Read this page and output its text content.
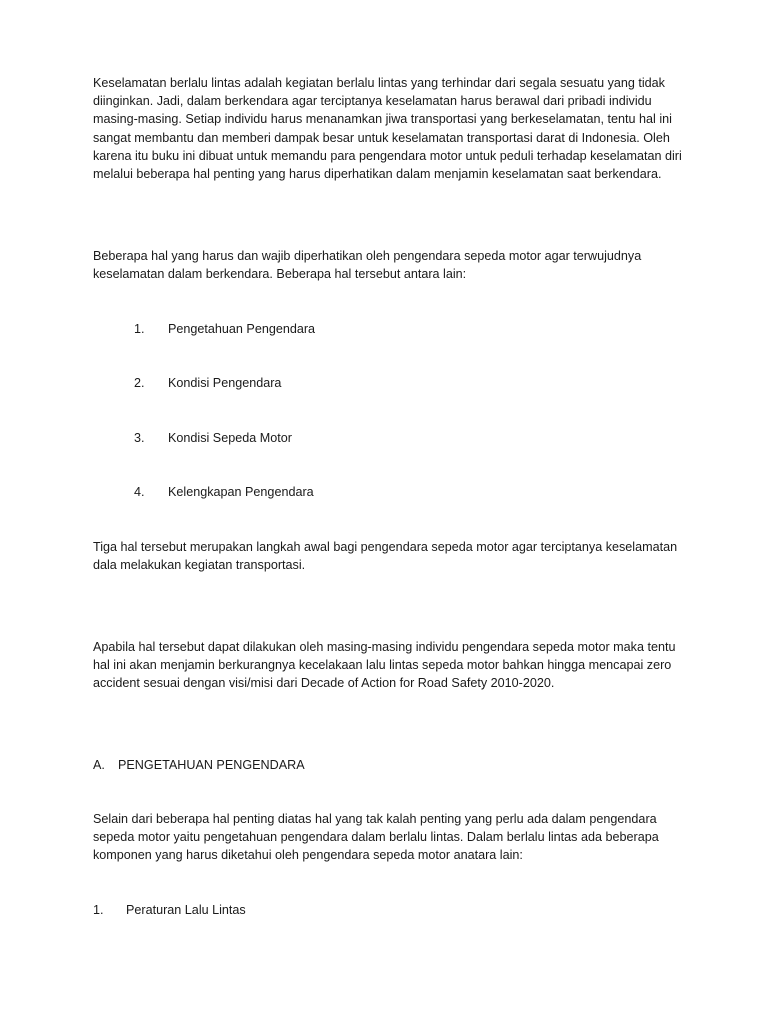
Keselamatan berlalu lintas adalah kegiatan berlalu lintas yang terhindar dari segala sesuatu yang tidak diinginkan. Jadi, dalam berkendara agar terciptanya keselamatan harus berawal dari pribadi individu masing-masing. Setiap individu harus menanamkan jiwa transportasi yang berkeselamatan, tentu hal ini sangat membantu dan memberi dampak besar untuk keselamatan transportasi darat di Indonesia. Oleh karena itu buku ini dibuat untuk memandu para pengendara motor untuk peduli terhadap keselamatan diri melalui beberapa hal penting yang harus diperhatikan dalam menjamin keselamatan saat berkendara.

Beberapa hal yang harus dan wajib diperhatikan oleh pengendara sepeda motor agar terwujudnya keselamatan dalam berkendara. Beberapa hal tersebut antara lain:

1. Pengetahuan Pengendara
2. Kondisi Pengendara
3. Kondisi Sepeda Motor
4. Kelengkapan Pengendara

Tiga hal tersebut merupakan langkah awal bagi pengendara sepeda motor agar terciptanya keselamatan dala melakukan kegiatan transportasi.

Apabila hal tersebut dapat dilakukan oleh masing-masing individu pengendara sepeda motor maka tentu hal ini akan menjamin berkurangnya kecelakaan lalu lintas sepeda motor bahkan hingga mencapai zero accident sesuai dengan visi/misi dari Decade of Action for Road Safety 2010-2020.

A. PENGETAHUAN PENGENDARA

Selain dari beberapa hal penting diatas hal yang tak kalah penting yang perlu ada dalam pengendara sepeda motor yaitu pengetahuan pengendara dalam berlalu lintas. Dalam berlalu lintas ada beberapa komponen yang harus diketahui oleh pengendara sepeda motor anatara lain:

1. Peraturan Lalu Lintas
